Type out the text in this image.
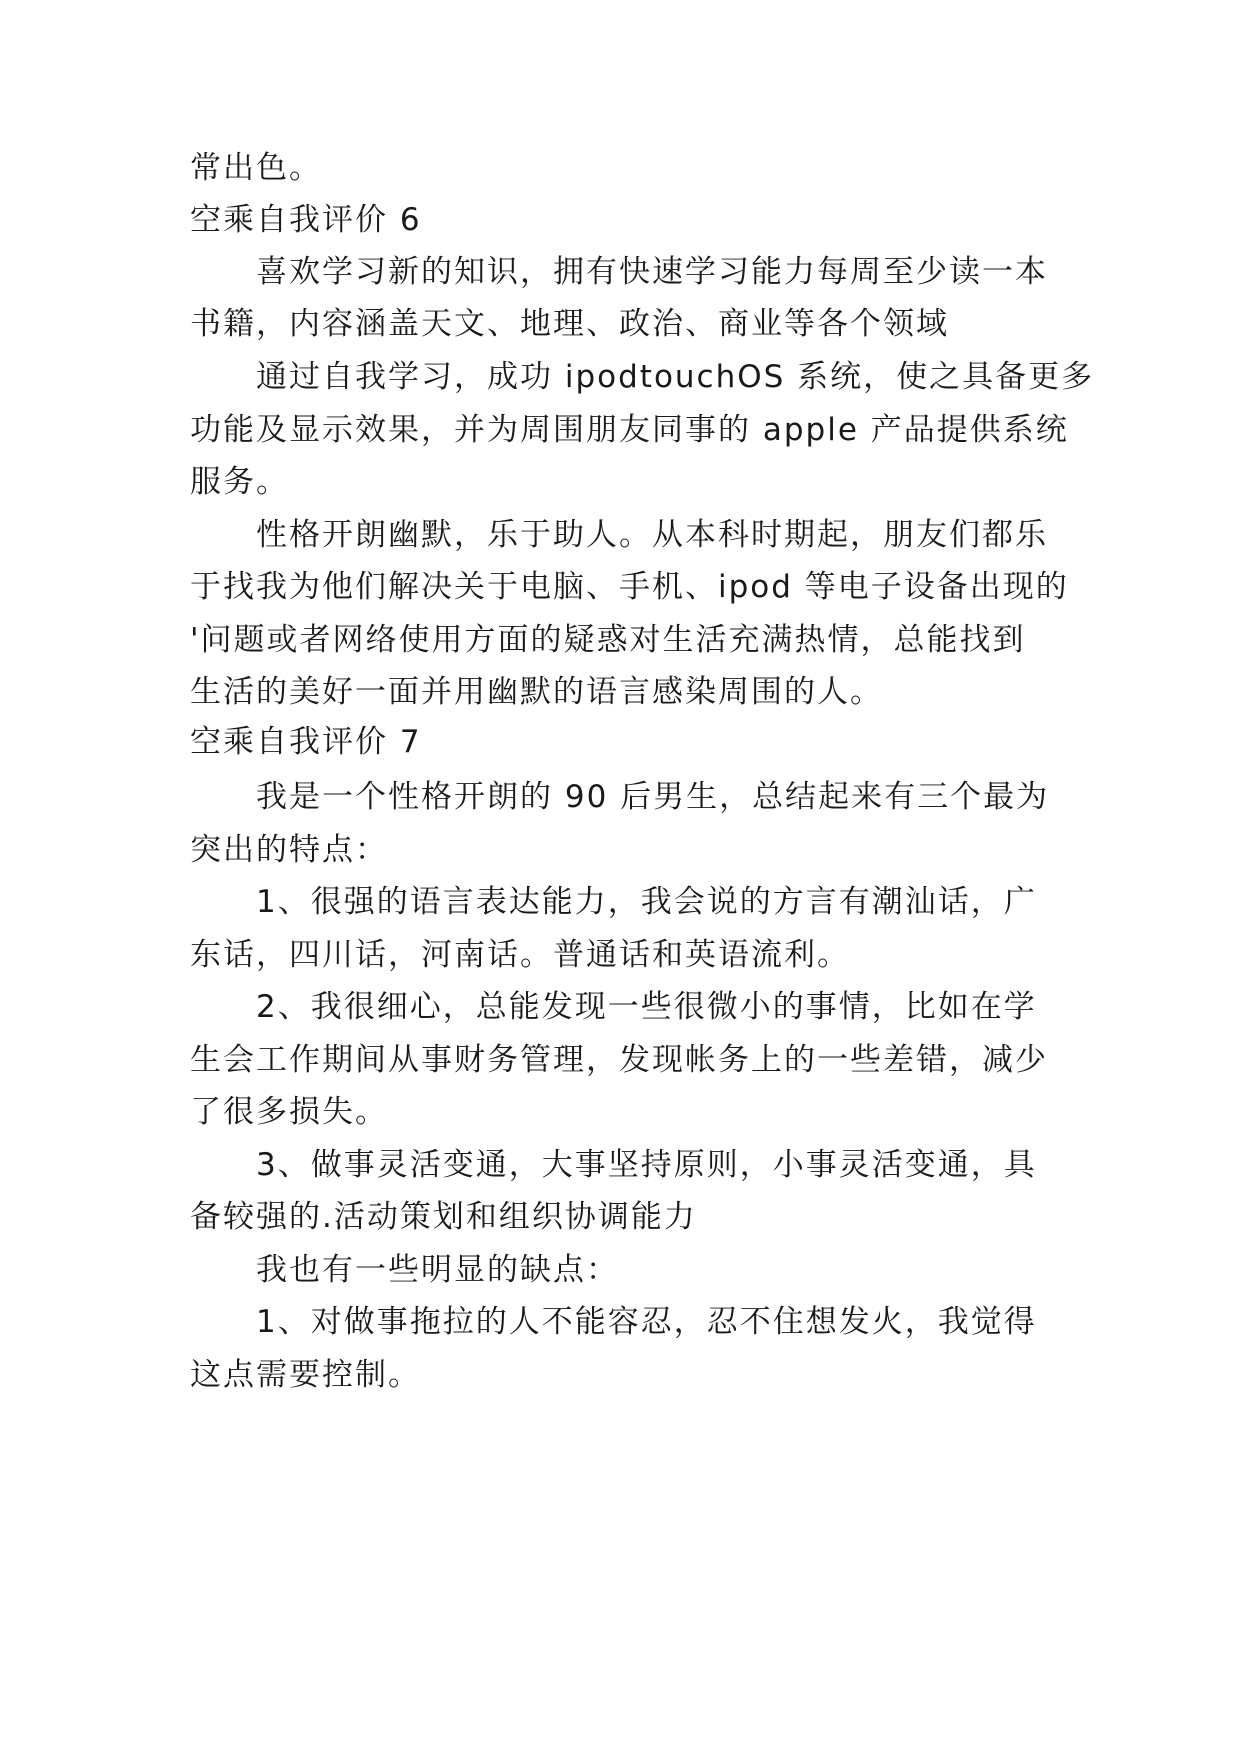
常出色。
空乘自我评价 6
喜欢学习新的知识，拥有快速学习能力每周至少读一本
书籍，内容涵盖天文、地理、政治、商业等各个领域
通过自我学习，成功 ipodtouchOS 系统，使之具备更多
功能及显示效果，并为周围朋友同事的 apple 产品提供系统
服务。
性格开朗幽默，乐于助人。从本科时期起，朋友们都乐
于找我为他们解决关于电脑、手机、ipod 等电子设备出现的
'问题或者网络使用方面的疑惑对生活充满热情，总能找到
生活的美好一面并用幽默的语言感染周围的人。
空乘自我评价 7
我是一个性格开朗的 90 后男生，总结起来有三个最为
突出的特点：
1、很强的语言表达能力，我会说的方言有潮汕话，广
东话，四川话，河南话。普通话和英语流利。
2、我很细心，总能发现一些很微小的事情，比如在学
生会工作期间从事财务管理，发现帐务上的一些差错，减少
了很多损失。
3、做事灵活变通，大事坚持原则，小事灵活变通，具
备较强的.活动策划和组织协调能力
我也有一些明显的缺点：
1、对做事拖拉的人不能容忍，忍不住想发火，我觉得
这点需要控制。
